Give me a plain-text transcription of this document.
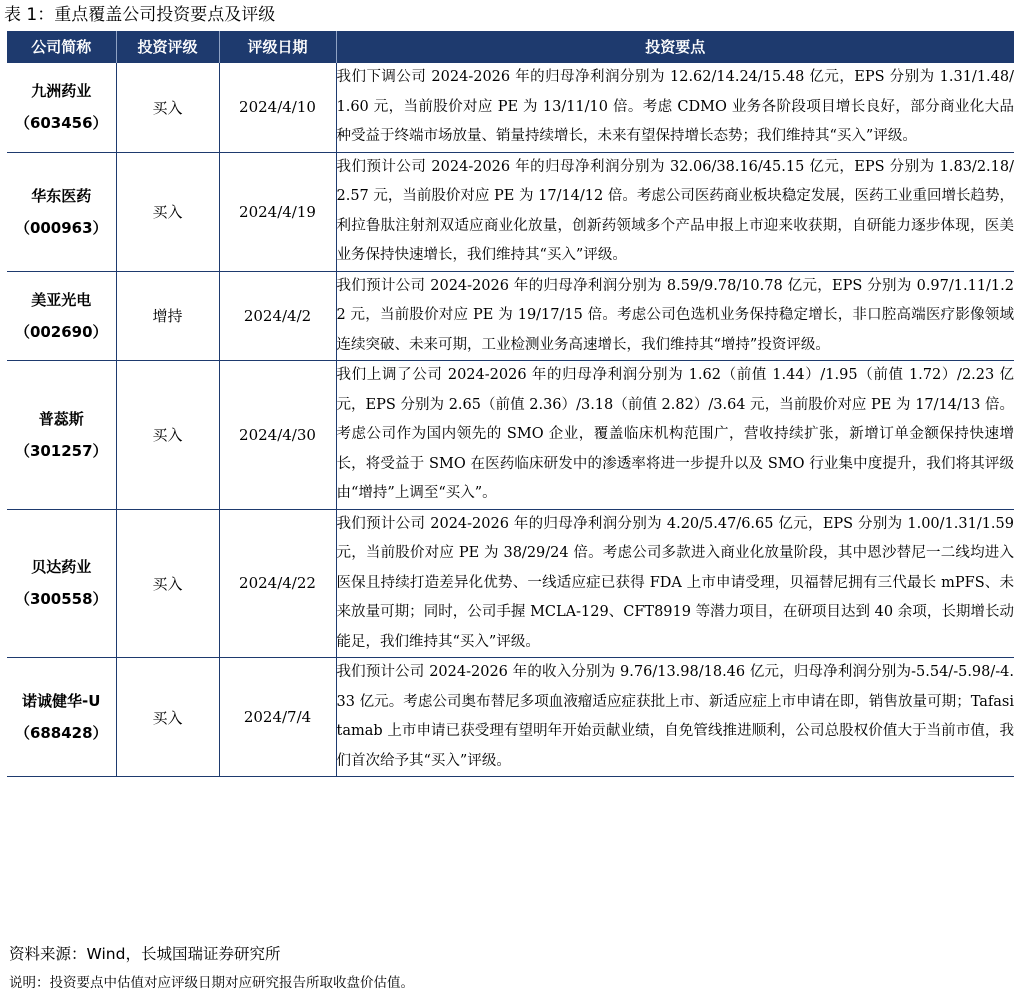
表 1：重点覆盖公司投资要点及评级
公司简称	投资评级	评级日期	投资要点

九洲药业
（603456）	买入	2024/4/10	我们下调公司 2024-2026 年的归母净利润分别为 12.62/14.24/15.48 亿元，EPS 分别为 1.31/1.48/1.60 元，当前股价对应 PE 为 13/11/10 倍。考虑 CDMO 业务各阶段项目增长良好，部分商业化大品种受益于终端市场放量、销量持续增长，未来有望保持增长态势；我们维持其“买入”评级。

华东医药
（000963）	买入	2024/4/19	我们预计公司 2024-2026 年的归母净利润分别为 32.06/38.16/45.15 亿元，EPS 分别为 1.83/2.18/2.57 元，当前股价对应 PE 为 17/14/12 倍。考虑公司医药商业板块稳定发展，医药工业重回增长趋势，利拉鲁肽注射剂双适应商业化放量，创新药领域多个产品申报上市迎来收获期，自研能力逐步体现，医美业务保持快速增长，我们维持其“买入”评级。

美亚光电
（002690）	增持	2024/4/2	我们预计公司 2024-2026 年的归母净利润分别为 8.59/9.78/10.78 亿元，EPS 分别为 0.97/1.11/1.22 元，当前股价对应 PE 为 19/17/15 倍。考虑公司色选机业务保持稳定增长，非口腔高端医疗影像领域连续突破、未来可期，工业检测业务高速增长，我们维持其“增持”投资评级。

普蕊斯
（301257）	买入	2024/4/30	我们上调了公司 2024-2026 年的归母净利润分别为 1.62（前值 1.44）/1.95（前值 1.72）/2.23 亿元，EPS 分别为 2.65（前值 2.36）/3.18（前值 2.82）/3.64 元，当前股价对应 PE 为 17/14/13 倍。考虑公司作为国内领先的 SMO 企业，覆盖临床机构范围广，营收持续扩张，新增订单金额保持快速增长，将受益于 SMO 在医药临床研发中的渗透率将进一步提升以及 SMO 行业集中度提升，我们将其评级由“增持”上调至“买入”。

贝达药业
（300558）	买入	2024/4/22	我们预计公司 2024-2026 年的归母净利润分别为 4.20/5.47/6.65 亿元，EPS 分别为 1.00/1.31/1.59 元，当前股价对应 PE 为 38/29/24 倍。考虑公司多款进入商业化放量阶段，其中恩沙替尼一二线均进入医保且持续打造差异化优势、一线适应症已获得 FDA 上市申请受理，贝福替尼拥有三代最长 mPFS、未来放量可期；同时，公司手握 MCLA-129、CFT8919 等潜力项目，在研项目达到 40 余项，长期增长动能足，我们维持其“买入”评级。

诺诚健华-U
（688428）	买入	2024/7/4	我们预计公司 2024-2026 年的收入分别为 9.76/13.98/18.46 亿元，归母净利润分别为-5.54/-5.98/-4.33 亿元。考虑公司奥布替尼多项血液瘤适应症获批上市、新适应症上市申请在即，销售放量可期；Tafasitamab 上市申请已获受理有望明年开始贡献业绩，自免管线推进顺利，公司总股权价值大于当前市值，我们首次给予其“买入”评级。
资料来源：Wind，长城国瑞证券研究所
说明：投资要点中估值对应评级日期对应研究报告所取收盘价估值。
